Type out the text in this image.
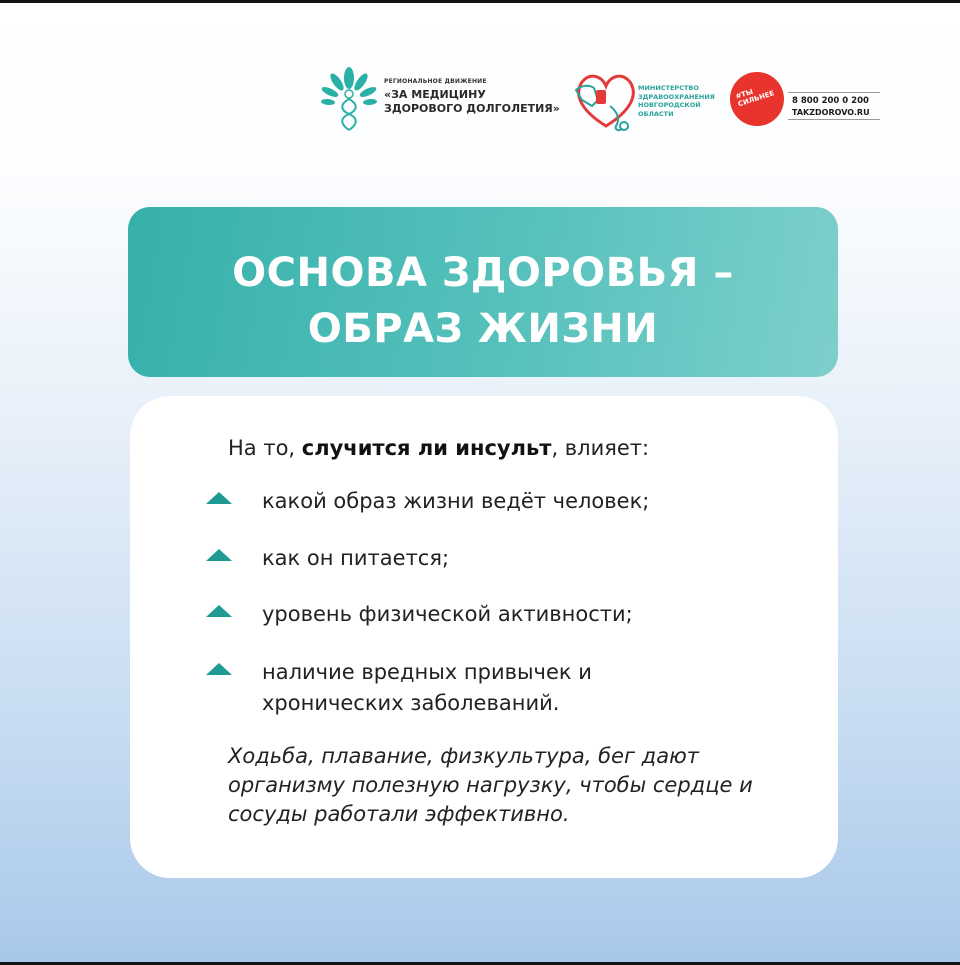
РЕГИОНАЛЬНОЕ ДВИЖЕНИЕ
«ЗА МЕДИЦИНУ
ЗДОРОВОГО ДОЛГОЛЕТИЯ»
МИНИСТЕРСТВО
ЗДРАВООХРАНЕНИЯ
НОВГОРОДСКОЙ
ОБЛАСТИ
#ТЫ СИЛЬНЕЕ	8 800 200 0 200
TAKZDOROVO.RU
ОСНОВА ЗДОРОВЬЯ –
ОБРАЗ ЖИЗНИ
На то, случится ли инсульт, влияет:
какой образ жизни ведёт человек;
как он питается;
уровень физической активности;
наличие вредных привычек и хронических заболеваний.
Ходьба, плавание, физкультура, бег дают организму полезную нагрузку, чтобы сердце и сосуды работали эффективно.
